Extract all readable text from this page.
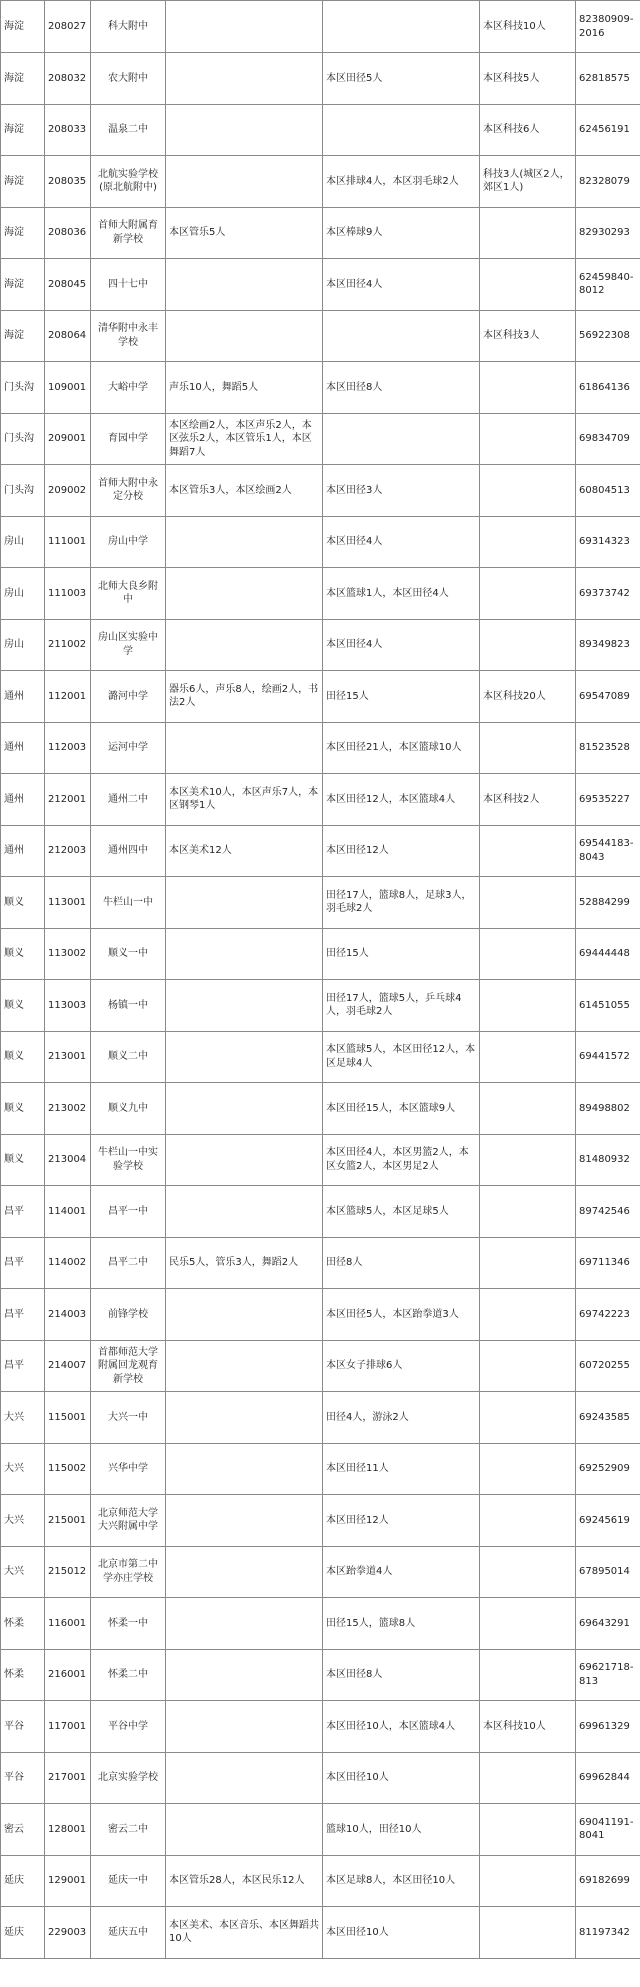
海淀	208027	科大附中			本区科技10人	82380909-2016
海淀	208032	农大附中		本区田径5人	本区科技5人	62818575
海淀	208033	温泉二中			本区科技6人	62456191
海淀	208035	北航实验学校(原北航附中)		本区排球4人，本区羽毛球2人	科技3人(城区2人，郊区1人)	82328079
海淀	208036	首师大附属育新学校	本区管乐5人	本区棒球9人		82930293
海淀	208045	四十七中		本区田径4人		62459840-8012
海淀	208064	清华附中永丰学校			本区科技3人	56922308
门头沟	109001	大峪中学	声乐10人，舞蹈5人	本区田径8人		61864136
门头沟	209001	育园中学	本区绘画2人，本区声乐2人，本区弦乐2人，本区管乐1人，本区舞蹈7人			69834709
门头沟	209002	首师大附中永定分校	本区管乐3人，本区绘画2人	本区田径3人		60804513
房山	111001	房山中学		本区田径4人		69314323
房山	111003	北师大良乡附中		本区篮球1人，本区田径4人		69373742
房山	211002	房山区实验中学		本区田径4人		89349823
通州	112001	潞河中学	器乐6人，声乐8人，绘画2人，书法2人	田径15人	本区科技20人	69547089
通州	112003	运河中学		本区田径21人，本区篮球10人		81523528
通州	212001	通州二中	本区美术10人，本区声乐7人，本区钢琴1人	本区田径12人，本区篮球4人	本区科技2人	69535227
通州	212003	通州四中	本区美术12人	本区田径12人		69544183-8043
顺义	113001	牛栏山一中		田径17人，篮球8人，足球3人，羽毛球2人		52884299
顺义	113002	顺义一中		田径15人		69444448
顺义	113003	杨镇一中		田径17人，篮球5人，乒乓球4人，羽毛球2人		61451055
顺义	213001	顺义二中		本区篮球5人，本区田径12人，本区足球4人		69441572
顺义	213002	顺义九中		本区田径15人，本区篮球9人		89498802
顺义	213004	牛栏山一中实验学校		本区田径4人，本区男篮2人，本区女篮2人，本区男足2人		81480932
昌平	114001	昌平一中		本区篮球5人，本区足球5人		89742546
昌平	114002	昌平二中	民乐5人，管乐3人，舞蹈2人	田径8人		69711346
昌平	214003	前锋学校		本区田径5人，本区跆拳道3人		69742223
昌平	214007	首都师范大学附属回龙观育新学校		本区女子排球6人		60720255
大兴	115001	大兴一中		田径4人，游泳2人		69243585
大兴	115002	兴华中学		本区田径11人		69252909
大兴	215001	北京师范大学大兴附属中学		本区田径12人		69245619
大兴	215012	北京市第二中学亦庄学校		本区跆拳道4人		67895014
怀柔	116001	怀柔一中		田径15人，篮球8人		69643291
怀柔	216001	怀柔二中		本区田径8人		69621718-813
平谷	117001	平谷中学		本区田径10人，本区篮球4人	本区科技10人	69961329
平谷	217001	北京实验学校		本区田径10人		69962844
密云	128001	密云二中		篮球10人，田径10人		69041191-8041
延庆	129001	延庆一中	本区管乐28人，本区民乐12人	本区足球8人，本区田径10人		69182699
延庆	229003	延庆五中	本区美术、本区音乐、本区舞蹈共10人	本区田径10人		81197342
